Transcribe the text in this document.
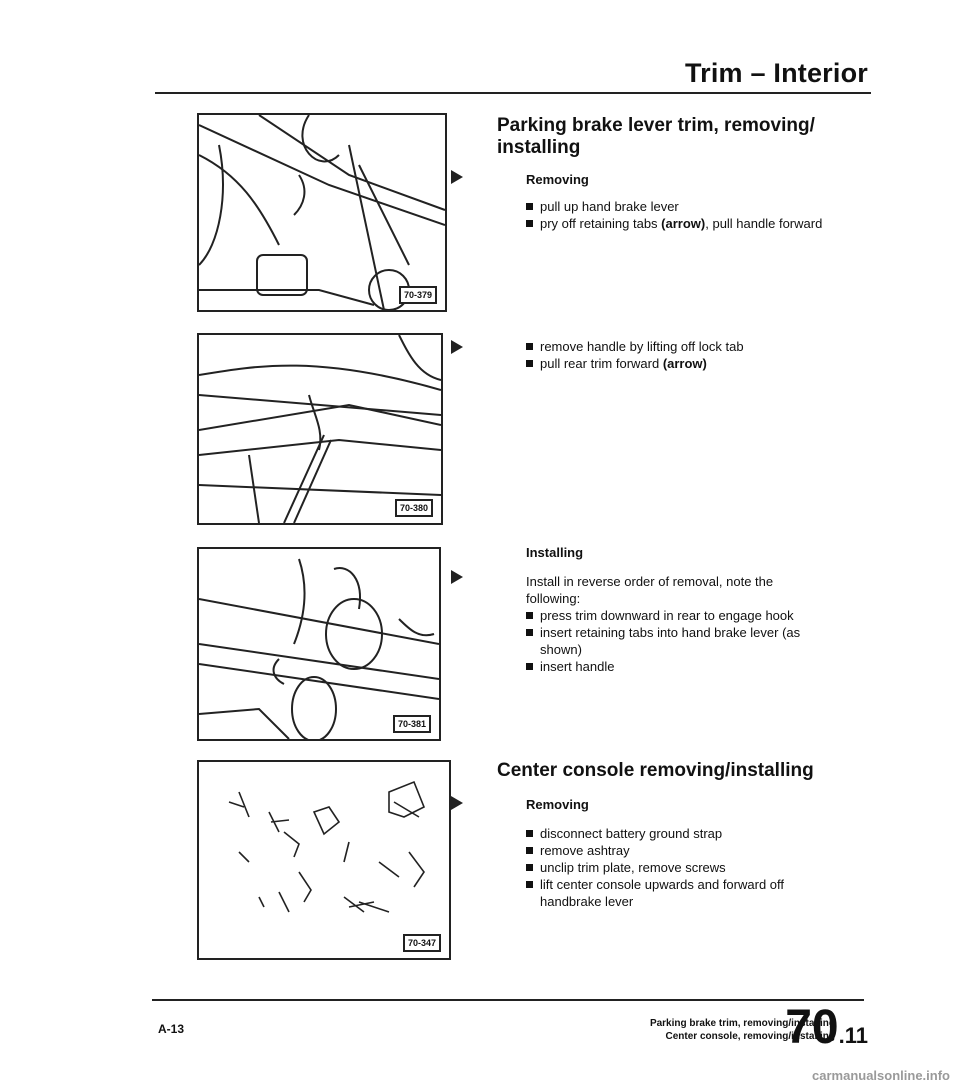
Trim – Interior
70-379
70-380
70-381
70-347
Parking brake lever trim, removing/
installing
Removing
pull up hand brake lever
pry off retaining tabs (arrow), pull handle forward
remove handle by lifting off lock tab
pull rear trim forward (arrow)
Installing
Install in reverse order of removal, note the following:
press trim downward in rear to engage hook
insert retaining tabs into hand brake lever (as shown)
insert handle
Center console removing/installing
Removing
disconnect battery ground strap
remove ashtray
unclip trim plate, remove screws
lift center console upwards and forward off handbrake lever
A-13	Parking brake trim, removing/installing
Center console, removing/installing
70.11
carmanualsonline.info
